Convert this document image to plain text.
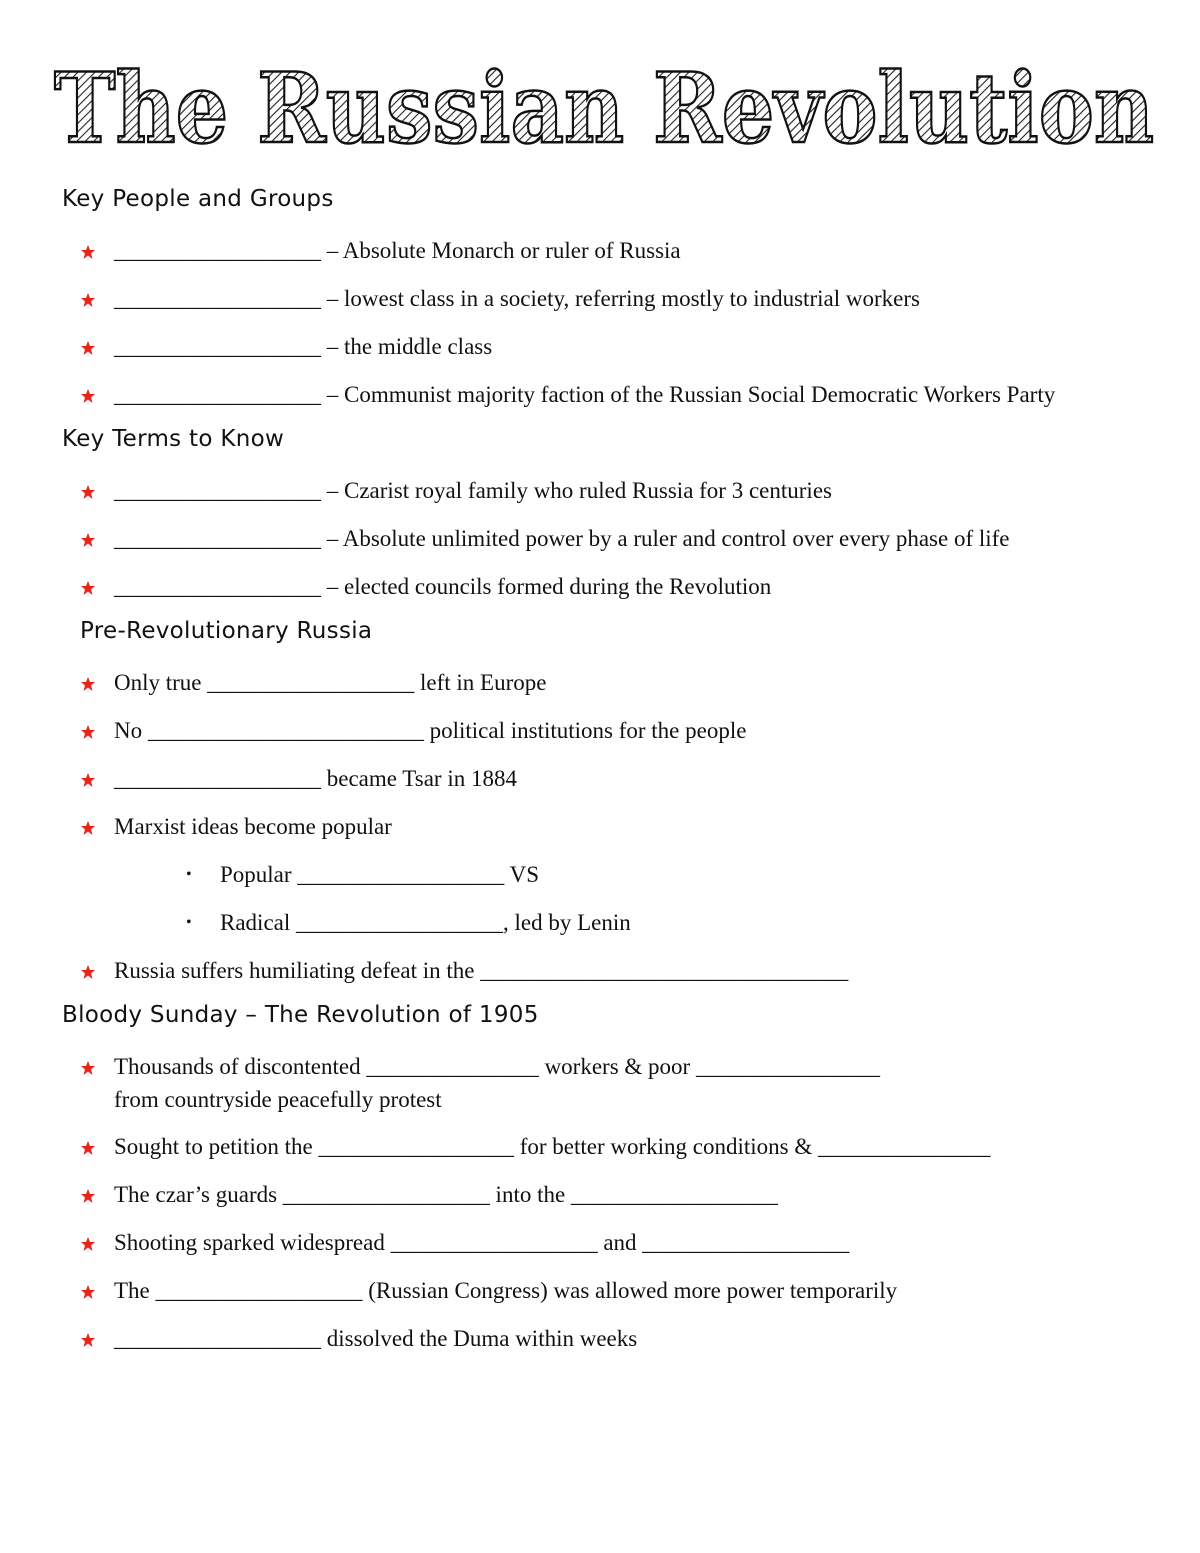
The Russian Revolution
Key People and Groups
__________________ – Absolute Monarch or ruler of Russia
__________________ – lowest class in a society, referring mostly to industrial workers
__________________ – the middle class
__________________ – Communist majority faction of the Russian Social Democratic Workers Party
Key Terms to Know
__________________ – Czarist royal family who ruled Russia for 3 centuries
__________________ – Absolute unlimited power by a ruler and control over every phase of life
__________________ – elected councils formed during the Revolution
Pre-Revolutionary Russia
Only true __________________ left in Europe
No ________________________ political institutions for the people
__________________ became Tsar in 1884
Marxist ideas become popular
• Popular __________________ VS
• Radical __________________, led by Lenin
Russia suffers humiliating defeat in the ________________________________
Bloody Sunday – The Revolution of 1905
Thousands of discontented _______________ workers & poor ________________
from countryside peacefully protest
Sought to petition the _________________ for better working conditions & _______________
The czar’s guards __________________ into the __________________
Shooting sparked widespread __________________ and __________________
The __________________ (Russian Congress) was allowed more power temporarily
__________________ dissolved the Duma within weeks
